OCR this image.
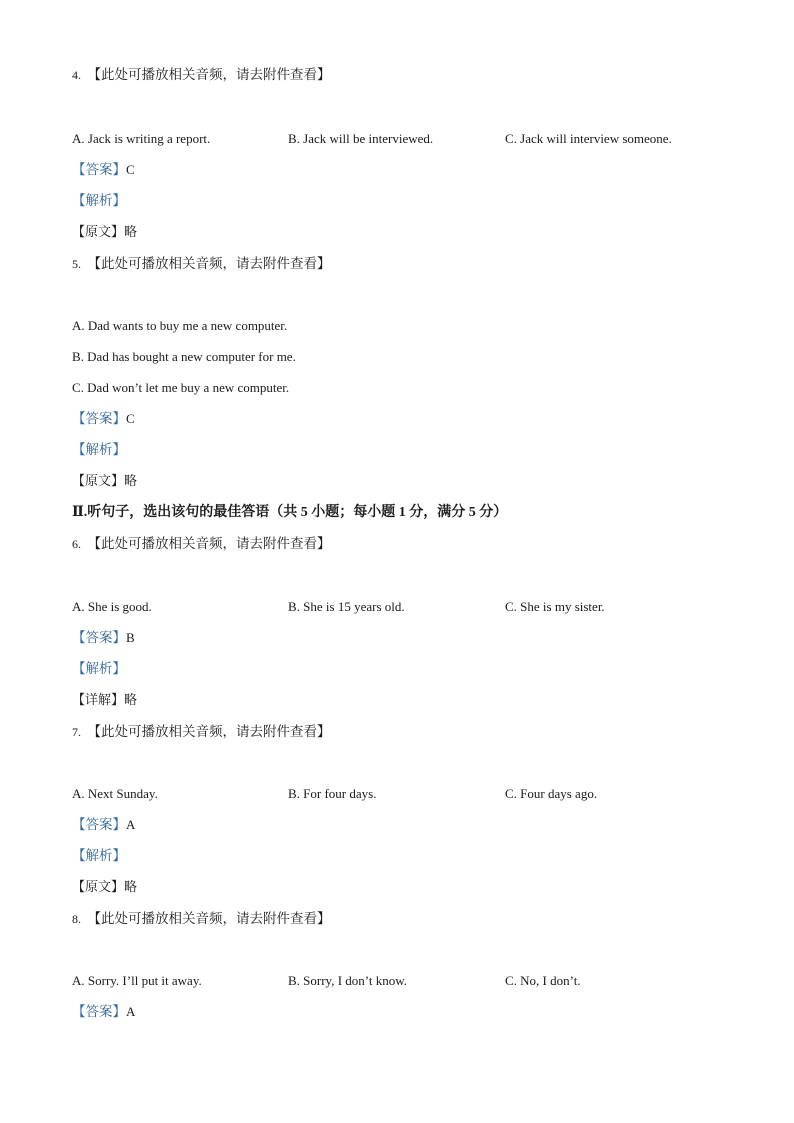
4. 【此处可播放相关音频，请去附件查看】
A. Jack is writing a report.	B. Jack will be interviewed.	C. Jack will interview someone.
【答案】C
【解析】
【原文】略
5. 【此处可播放相关音频，请去附件查看】
A. Dad wants to buy me a new computer.
B. Dad has bought a new computer for me.
C. Dad won’t let me buy a new computer.
【答案】C
【解析】
【原文】略
Ⅱ.听句子，选出该句的最佳答语（共 5 小题；每小题 1 分，满分 5 分）
6. 【此处可播放相关音频，请去附件查看】
A. She is good.	B. She is 15 years old.	C. She is my sister.
【答案】B
【解析】
【详解】略
7. 【此处可播放相关音频，请去附件查看】
A. Next Sunday.	B. For four days.	C. Four days ago.
【答案】A
【解析】
【原文】略
8. 【此处可播放相关音频，请去附件查看】
A. Sorry. I’ll put it away.	B. Sorry, I don’t know.	C. No, I don’t.
【答案】A
